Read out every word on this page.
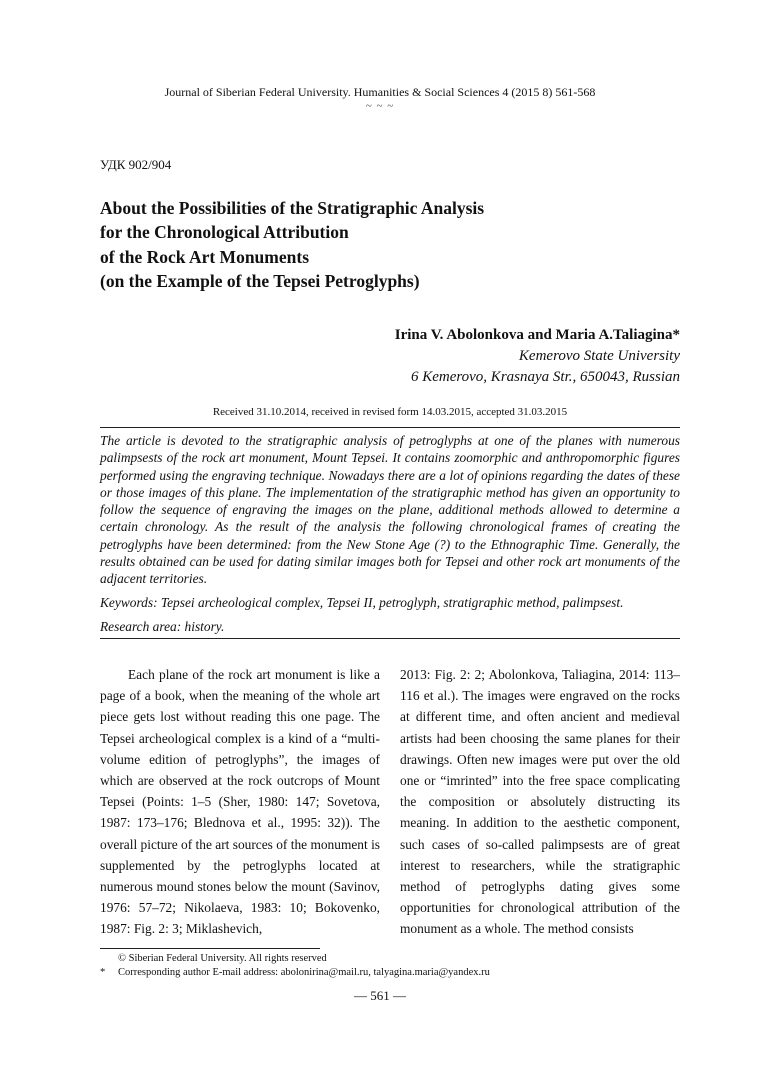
Journal of Siberian Federal University. Humanities & Social Sciences 4 (2015 8) 561-568
~ ~ ~
УДК 902/904
About the Possibilities of the Stratigraphic Analysis
for the Chronological Attribution
of the Rock Art Monuments
(on the Example of the Tepsei Petroglyphs)
Irina V. Abolonkova and Maria A.Taliagina*
Kemerovo State University
6 Kemerovo, Krasnaya Str., 650043, Russian
Received 31.10.2014, received in revised form 14.03.2015, accepted 31.03.2015

The article is devoted to the stratigraphic analysis of petroglyphs at one of the planes with numerous palimpsests of the rock art monument, Mount Tepsei. It contains zoomorphic and anthropomorphic figures performed using the engraving technique. Nowadays there are a lot of opinions regarding the dates of these or those images of this plane. The implementation of the stratigraphic method has given an opportunity to follow the sequence of engraving the images on the plane, additional methods allowed to determine a certain chronology. As the result of the analysis the following chronological frames of creating the petroglyphs have been determined: from the New Stone Age (?) to the Ethnographic Time. Generally, the results obtained can be used for dating similar images both for Tepsei and other rock art monuments of the adjacent territories.

Keywords: Tepsei archeological complex, Tepsei II, petroglyph, stratigraphic method, palimpsest.
Research area: history.

Each plane of the rock art monument is like a page of a book, when the meaning of the whole art piece gets lost without reading this one page. The Tepsei archeological complex is a kind of a “multi-volume edition of petroglyphs”, the images of which are observed at the rock outcrops of Mount Tepsei (Points: 1–5 (Sher, 1980: 147; Sovetova, 1987: 173–176; Blednova et al., 1995: 32)). The overall picture of the art sources of the monument is supplemented by the petroglyphs located at numerous mound stones below the mount (Savinov, 1976: 57–72; Nikolaeva, 1983: 10; Bokovenko, 1987: Fig. 2: 3; Miklashevich,

2013: Fig. 2: 2; Abolonkova, Taliagina, 2014: 113–116 et al.). The images were engraved on the rocks at different time, and often ancient and medieval artists had been choosing the same planes for their drawings. Often new images were put over the old one or “imrinted” into the free space complicating the composition or absolutely distructing its meaning. In addition to the aesthetic component, such cases of so-called palimpsests are of great interest to researchers, while the stratigraphic method of petroglyphs dating gives some opportunities for chronological attribution of the monument as a whole. The method consists

© Siberian Federal University. All rights reserved
* Corresponding author E-mail address: abolonirina@mail.ru, talyagina.maria@yandex.ru
— 561 —
